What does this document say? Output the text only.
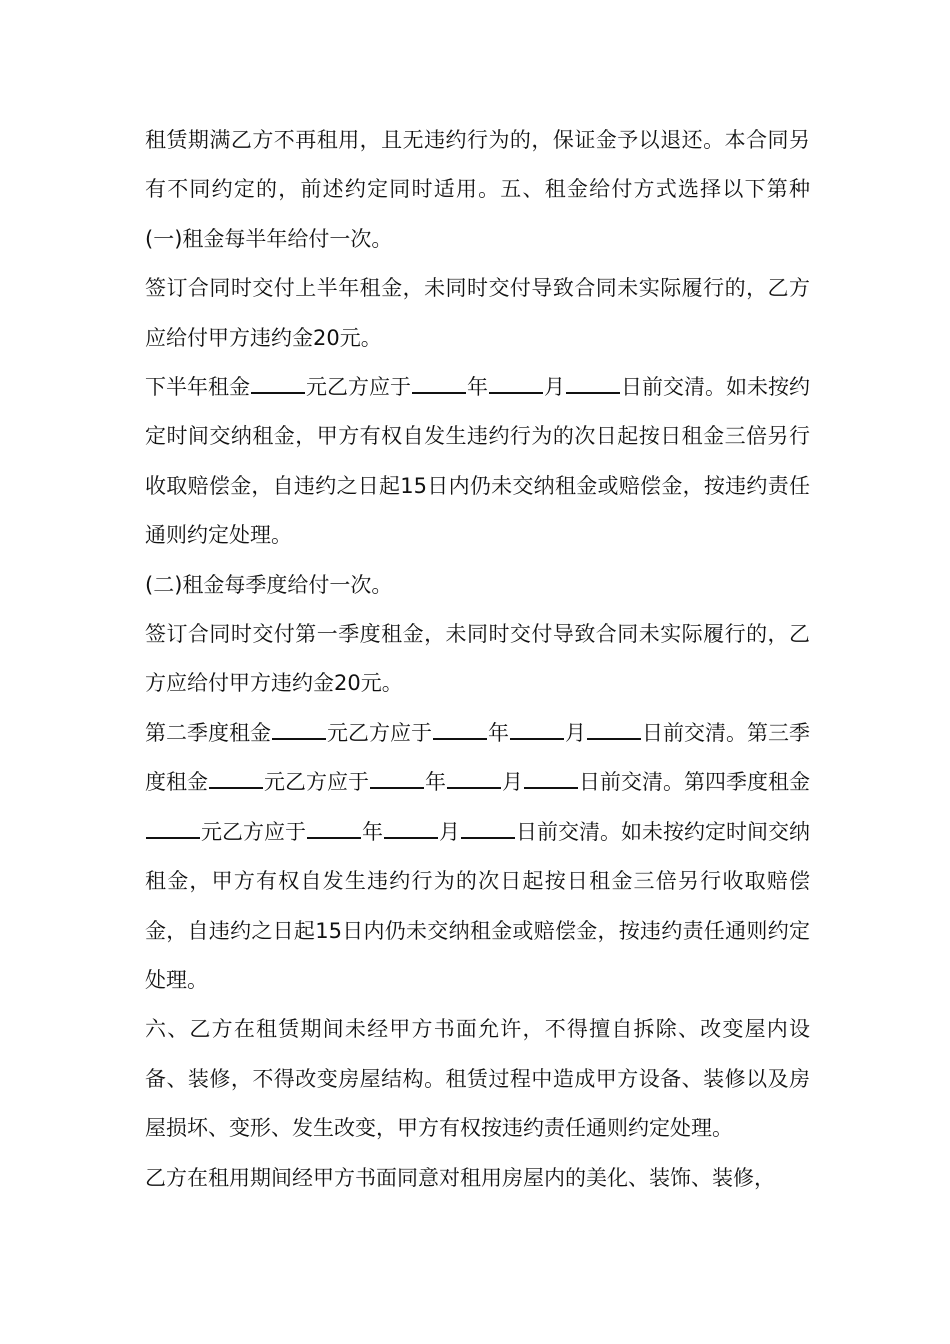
租赁期满乙方不再租用，且无违约行为的，保证金予以退还。本合同另有不同约定的，前述约定同时适用。五、租金给付方式选择以下第种(一)租金每半年给付一次。

签订合同时交付上半年租金，未同时交付导致合同未实际履行的，乙方应给付甲方违约金20元。

下半年租金	元乙方应于	年	月	日前交清。如未按约定时间交纳租金，甲方有权自发生违约行为的次日起按日租金三倍另行收取赔偿金，自违约之日起15日内仍未交纳租金或赔偿金，按违约责任通则约定处理。

(二)租金每季度给付一次。

签订合同时交付第一季度租金，未同时交付导致合同未实际履行的，乙方应给付甲方违约金20元。

第二季度租金	元乙方应于	年	月	日前交清。第三季度租金	元乙方应于	年	月	日前交清。第四季度租金元乙方应于	年	月	日前交清。如未按约定时间交纳租金，甲方有权自发生违约行为的次日起按日租金三倍另行收取赔偿金，自违约之日起15日内仍未交纳租金或赔偿金，按违约责任通则约定处理。

六、乙方在租赁期间未经甲方书面允许，不得擅自拆除、改变屋内设备、装修，不得改变房屋结构。租赁过程中造成甲方设备、装修以及房屋损坏、变形、发生改变，甲方有权按违约责任通则约定处理。

乙方在租用期间经甲方书面同意对租用房屋内的美化、装饰、装修，
